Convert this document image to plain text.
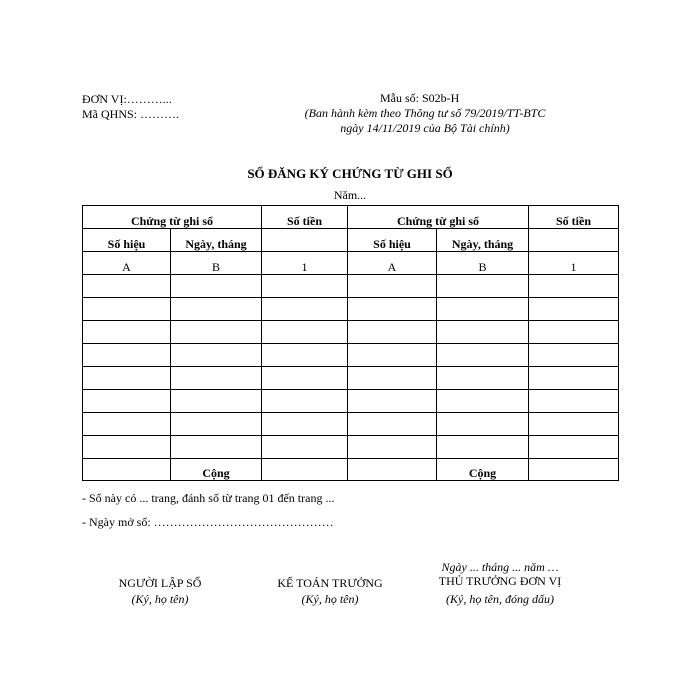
ĐƠN VỊ:………...
Mã QHNS: ……….
Mẫu số: S02b-H
(Ban hành kèm theo Thông tư số 79/2019/TT-BTC
ngày 14/11/2019 của Bộ Tài chính)
SỔ ĐĂNG KÝ CHỨNG TỪ GHI SỔ
Năm...
Chứng từ ghi sổ		Số tiền	Chứng từ ghi sổ		Số tiền
Số hiệu	Ngày, tháng		Số hiệu	Ngày, tháng	
A	B	1	A	B	1

	Cộng			Cộng	
- Sổ này có ... trang, đánh số từ trang 01 đến trang ...
- Ngày mở sổ: ………………………………………
Ngày ... tháng ... năm …
NGƯỜI LẬP SỔ
(Ký, họ tên)
KẾ TOÁN TRƯỞNG
(Ký, họ tên)
THỦ TRƯỞNG ĐƠN VỊ
(Ký, họ tên, đóng dấu)
